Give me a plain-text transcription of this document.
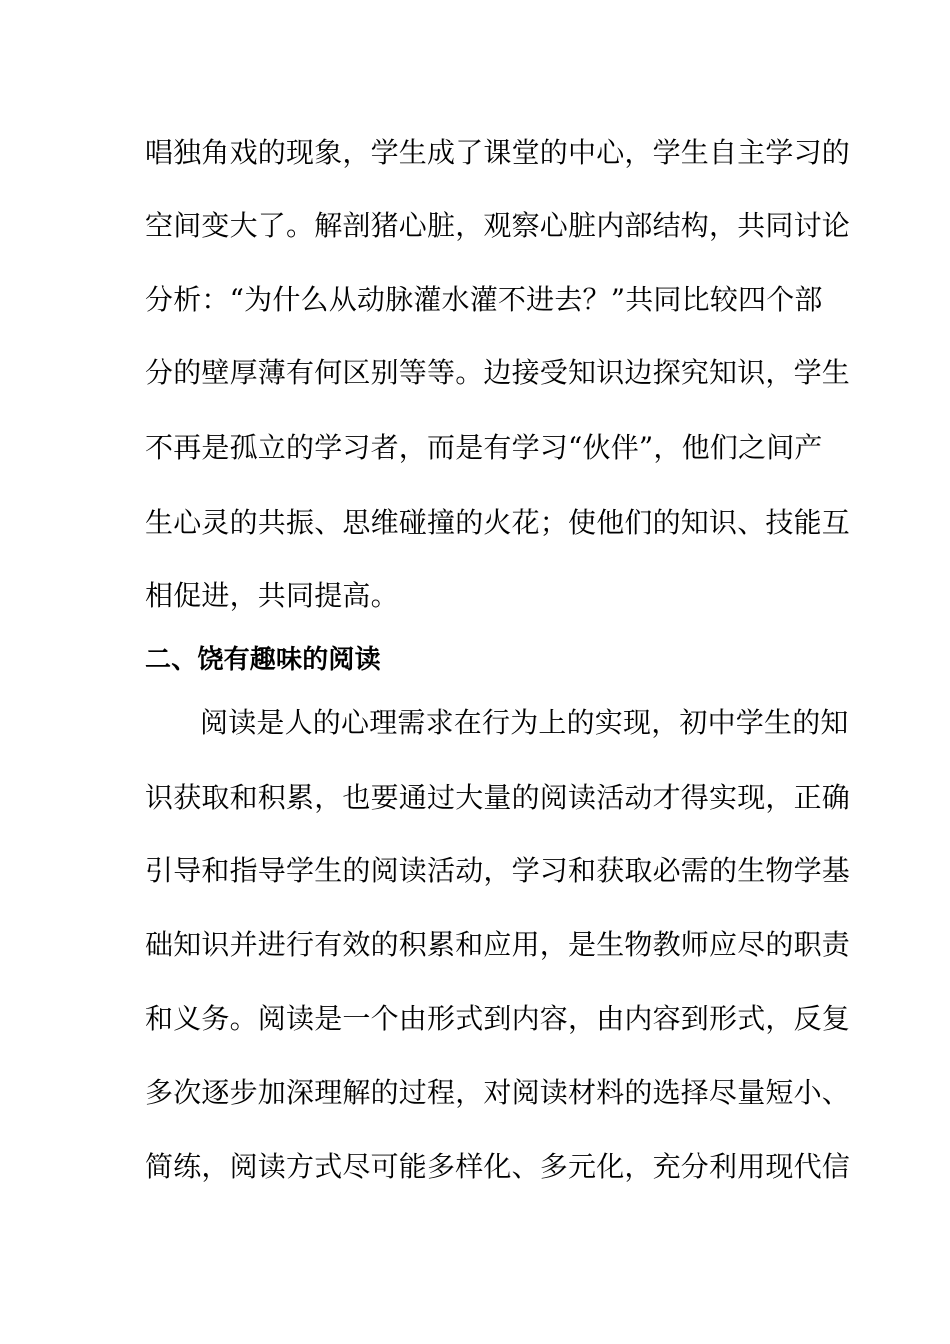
唱独角戏的现象，学生成了课堂的中心，学生自主学习的
空间变大了。解剖猪心脏，观察心脏内部结构，共同讨论
分析：“为什么从动脉灌水灌不进去？”共同比较四个部
分的壁厚薄有何区别等等。边接受知识边探究知识，学生
不再是孤立的学习者，而是有学习“伙伴”，他们之间产
生心灵的共振、思维碰撞的火花；使他们的知识、技能互
相促进，共同提高。
二、饶有趣味的阅读
阅读是人的心理需求在行为上的实现，初中学生的知
识获取和积累，也要通过大量的阅读活动才得实现，正确
引导和指导学生的阅读活动，学习和获取必需的生物学基
础知识并进行有效的积累和应用，是生物教师应尽的职责
和义务。阅读是一个由形式到内容，由内容到形式，反复
多次逐步加深理解的过程，对阅读材料的选择尽量短小、
简练，阅读方式尽可能多样化、多元化，充分利用现代信
